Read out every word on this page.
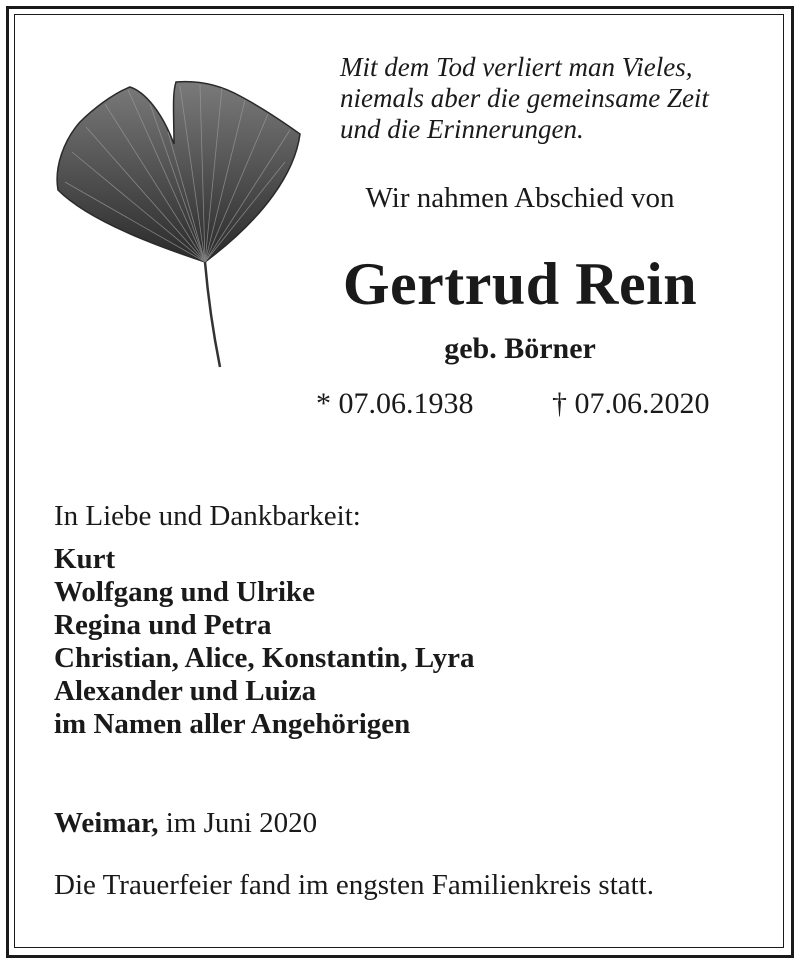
Mit dem Tod verliert man Vieles,
niemals aber die gemeinsame Zeit
und die Erinnerungen.
Wir nahmen Abschied von
Gertrud Rein
geb. Börner
* 07.06.1938	† 07.06.2020
In Liebe und Dankbarkeit:
Kurt
Wolfgang und Ulrike
Regina und Petra
Christian, Alice, Konstantin, Lyra
Alexander und Luiza
im Namen aller Angehörigen
Weimar, im Juni 2020
Die Trauerfeier fand im engsten Familienkreis statt.
